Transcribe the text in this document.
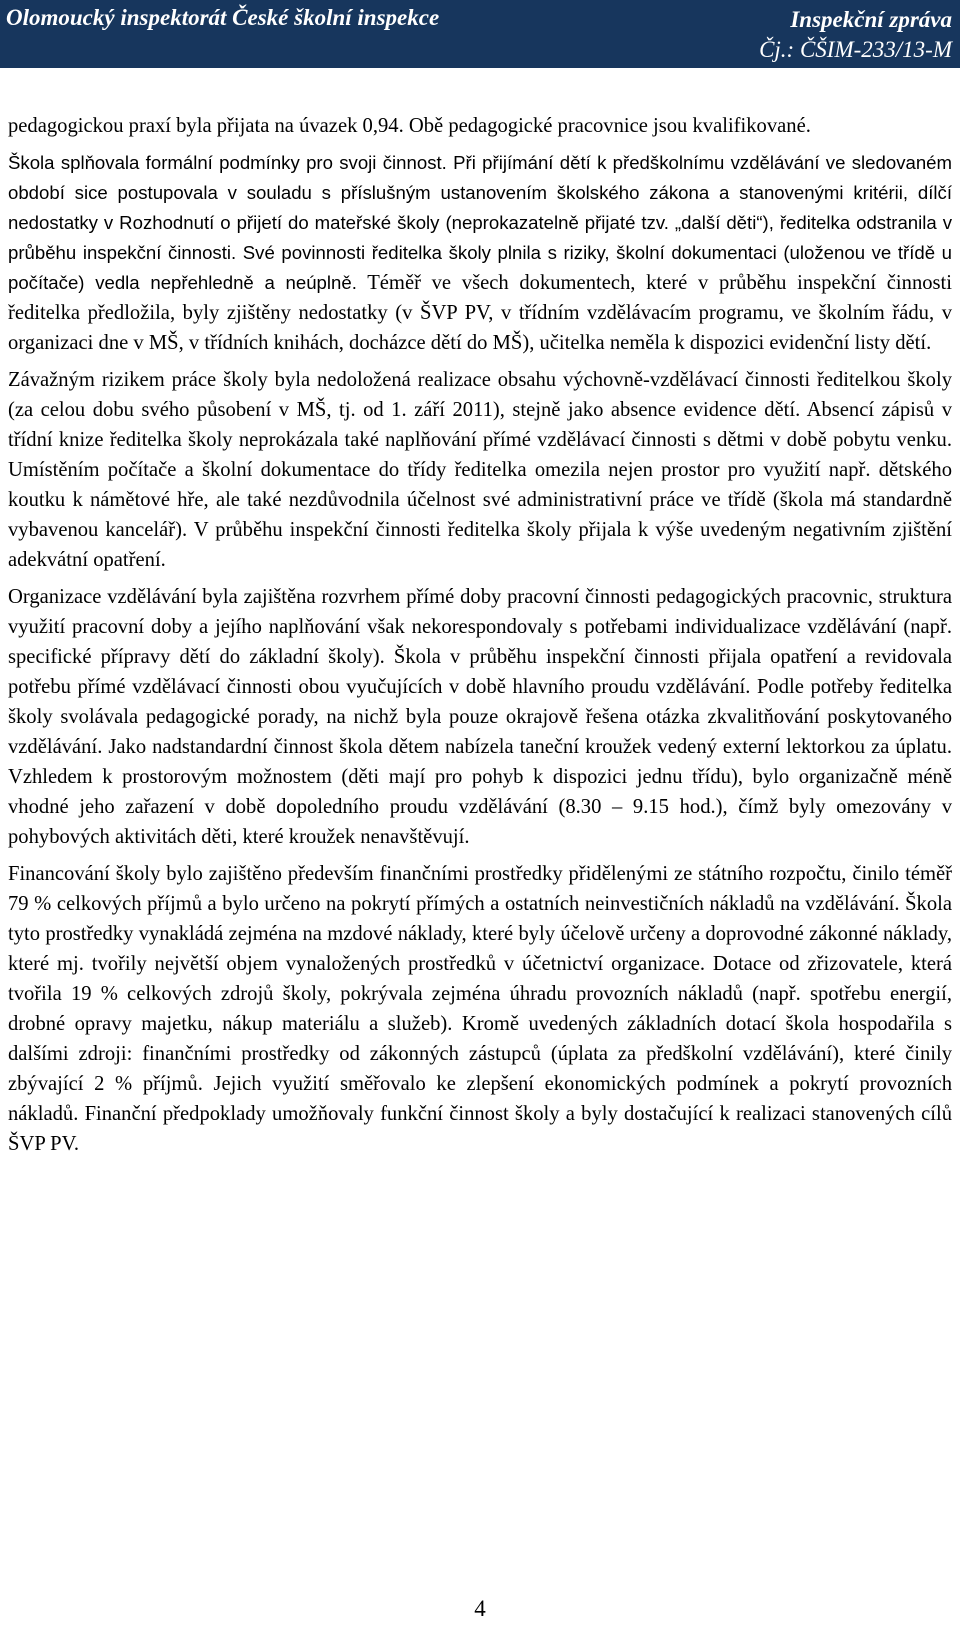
Olomoucký inspektorát České školní inspekce	Inspekční zpráva
Čj.: ČŠIM-233/13-M

pedagogickou praxí byla přijata na úvazek 0,94. Obě pedagogické pracovnice jsou kvalifikované.

Škola splňovala formální podmínky pro svoji činnost. Při přijímání dětí k předškolnímu vzdělávání ve sledovaném období sice postupovala v souladu s příslušným ustanovením školského zákona a stanovenými kritérii, dílčí nedostatky v Rozhodnutí o přijetí do mateřské školy (neprokazatelně přijaté tzv. „další děti“), ředitelka odstranila v průběhu inspekční činnosti. Své povinnosti ředitelka školy plnila s riziky, školní dokumentaci (uloženou ve třídě u počítače) vedla nepřehledně a neúplně. Téměř ve všech dokumentech, které v průběhu inspekční činnosti ředitelka předložila, byly zjištěny nedostatky (v ŠVP PV, v třídním vzdělávacím programu, ve školním řádu, v organizaci dne v MŠ, v třídních knihách, docházce dětí do MŠ), učitelka neměla k dispozici evidenční listy dětí.

Závažným rizikem práce školy byla nedoložená realizace obsahu výchovně-vzdělávací činnosti ředitelkou školy (za celou dobu svého působení v MŠ, tj. od 1. září 2011), stejně jako absence evidence dětí. Absencí zápisů v třídní knize ředitelka školy neprokázala také naplňování přímé vzdělávací činnosti s dětmi v době pobytu venku. Umístěním počítače a školní dokumentace do třídy ředitelka omezila nejen prostor pro využití např. dětského koutku k námětové hře, ale také nezdůvodnila účelnost své administrativní práce ve třídě (škola má standardně vybavenou kancelář). V průběhu inspekční činnosti ředitelka školy přijala k výše uvedeným negativním zjištění adekvátní opatření.

Organizace vzdělávání byla zajištěna rozvrhem přímé doby pracovní činnosti pedagogických pracovnic, struktura využití pracovní doby a jejího naplňování však nekorespondovaly s potřebami individualizace vzdělávání (např. specifické přípravy dětí do základní školy). Škola v průběhu inspekční činnosti přijala opatření a revidovala potřebu přímé vzdělávací činnosti obou vyučujících v době hlavního proudu vzdělávání. Podle potřeby ředitelka školy svolávala pedagogické porady, na nichž byla pouze okrajově řešena otázka zkvalitňování poskytovaného vzdělávání. Jako nadstandardní činnost škola dětem nabízela taneční kroužek vedený externí lektorkou za úplatu. Vzhledem k prostorovým možnostem (děti mají pro pohyb k dispozici jednu třídu), bylo organizačně méně vhodné jeho zařazení v době dopoledního proudu vzdělávání (8.30 – 9.15 hod.), čímž byly omezovány v pohybových aktivitách děti, které kroužek nenavštěvují.

Financování školy bylo zajištěno především finančními prostředky přidělenými ze státního rozpočtu, činilo téměř 79 % celkových příjmů a bylo určeno na pokrytí přímých a ostatních neinvestičních nákladů na vzdělávání. Škola tyto prostředky vynakládá zejména na mzdové náklady, které byly účelově určeny a doprovodné zákonné náklady, které mj. tvořily největší objem vynaložených prostředků v účetnictví organizace. Dotace od zřizovatele, která tvořila 19 % celkových zdrojů školy, pokrývala zejména úhradu provozních nákladů (např. spotřebu energií, drobné opravy majetku, nákup materiálu a služeb). Kromě uvedených základních dotací škola hospodařila s dalšími zdroji: finančními prostředky od zákonných zástupců (úplata za předškolní vzdělávání), které činily zbývající 2 % příjmů. Jejich využití směřovalo ke zlepšení ekonomických podmínek a pokrytí provozních nákladů. Finanční předpoklady umožňovaly funkční činnost školy a byly dostačující k realizaci stanovených cílů ŠVP PV.

4
